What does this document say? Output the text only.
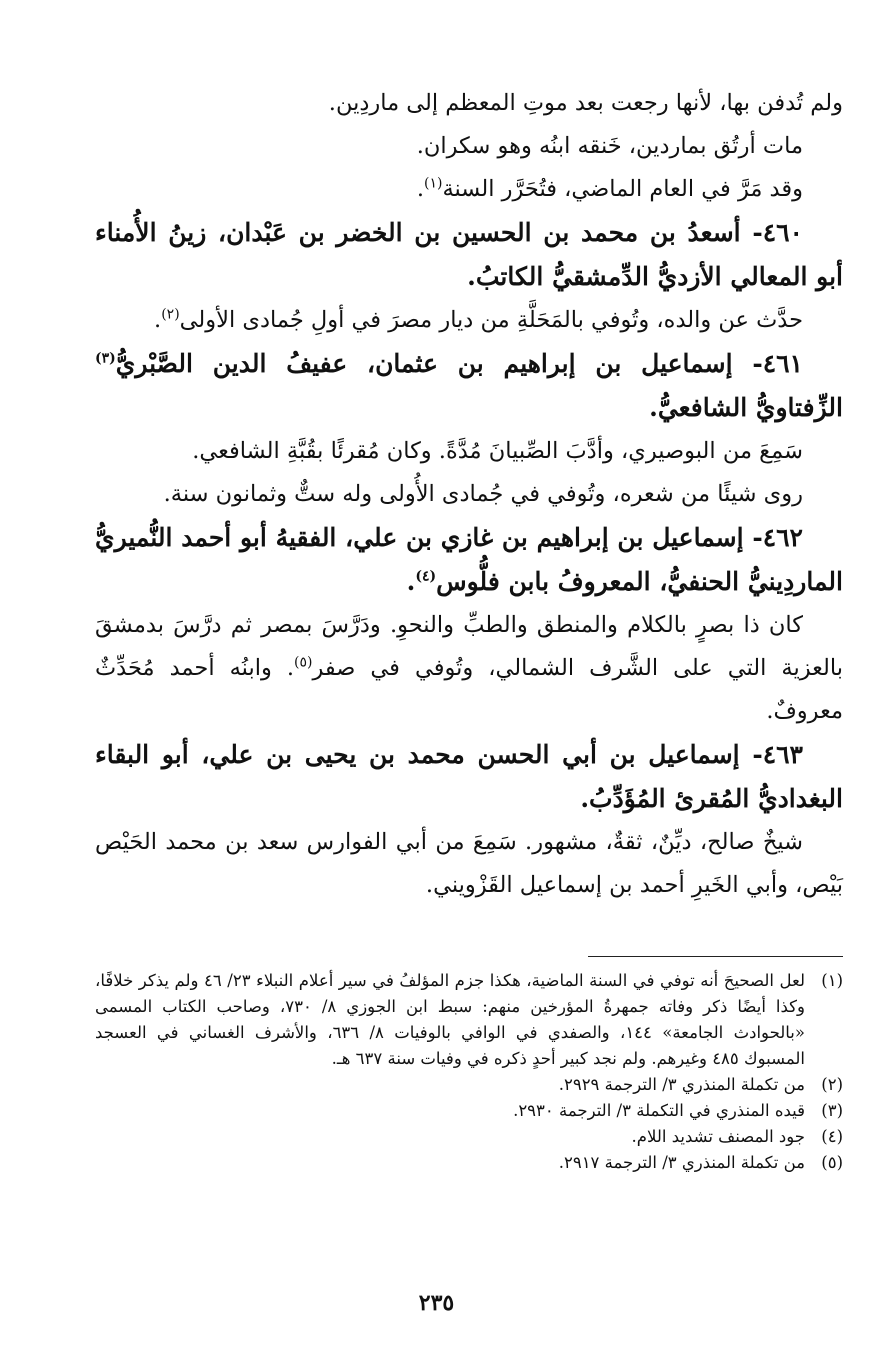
ولم تُدفن بها، لأنها رجعت بعد موتِ المعظم إلى ماردِين.

مات أرتُق بماردين، خَنقه ابنُه وهو سكران.

وقد مَرَّ في العام الماضي، فتُحَرَّر السنة$^{(١)}$.

٤٦٠- أسعدُ بن محمد بن الحسين بن الخضر بن عَبْدان، زينُ الأُمناء أبو المعالي الأزديُّ الدِّمشقيُّ الكاتبُ.

حدَّث عن والده، وتُوفي بالمَحَلَّةِ من ديار مصرَ في أولِ جُمادى الأولى$^{(٢)}$.

٤٦١- إسماعيل بن إبراهيم بن عثمان، عفيفُ الدين الصَّبْريُّ$^{(٣)}$ الزِّفتاويُّ الشافعيُّ.

سَمِعَ من البوصيري، وأدَّبَ الصِّبيانَ مُدَّةً. وكان مُقرئًا بقُبَّةِ الشافعي.

روى شيئًا من شعره، وتُوفي في جُمادى الأُولى وله ستٌّ وثمانون سنة.

٤٦٢- إسماعيل بن إبراهيم بن غازي بن علي، الفقيهُ أبو أحمد النُّميريُّ الماردِينيُّ الحنفيُّ، المعروفُ بابن فلُّوس$^{(٤)}$.

كان ذا بصرٍ بالكلام والمنطق والطبِّ والنحوِ. ودَرَّسَ بمصر ثم درَّسَ بدمشقَ بالعزية التي على الشَّرف الشمالي، وتُوفي في صفر$^{(٥)}$. وابنُه أحمد مُحَدِّثٌ معروفٌ.

٤٦٣- إسماعيل بن أبي الحسن محمد بن يحيى بن علي، أبو البقاء البغداديُّ المُقرئ المُؤَدِّبُ.

شيخٌ صالح، ديِّنٌ، ثقةٌ، مشهور. سَمِعَ من أبي الفوارس سعد بن محمد الحَيْص بَيْص، وأبي الخَيرِ أحمد بن إسماعيل القَزْويني.

(١)
لعل الصحيحَ أنه توفي في السنة الماضية، هكذا جزم المؤلفُ في سير أعلام النبلاء ٢٣/ ٤٦ ولم يذكر خلافًا، وكذا أيضًا ذكر وفاته جمهرةُ المؤرخين منهم: سبط ابن الجوزي ٨/ ٧٣٠، وصاحب الكتاب المسمى «بالحوادث الجامعة» ١٤٤، والصفدي في الوافي بالوفيات ٨/ ٦٣٦، والأشرف الغساني في العسجد المسبوك ٤٨٥ وغيرهم. ولم نجد كبير أحدٍ ذكره في وفيات سنة ٦٣٧ هـ.
(٢)
من تكملة المنذري ٣/ الترجمة ٢٩٢٩.
(٣)
قيده المنذري في التكملة ٣/ الترجمة ٢٩٣٠.
(٤)
جود المصنف تشديد اللام.
(٥)
من تكملة المنذري ٣/ الترجمة ٢٩١٧.
٢٣٥
